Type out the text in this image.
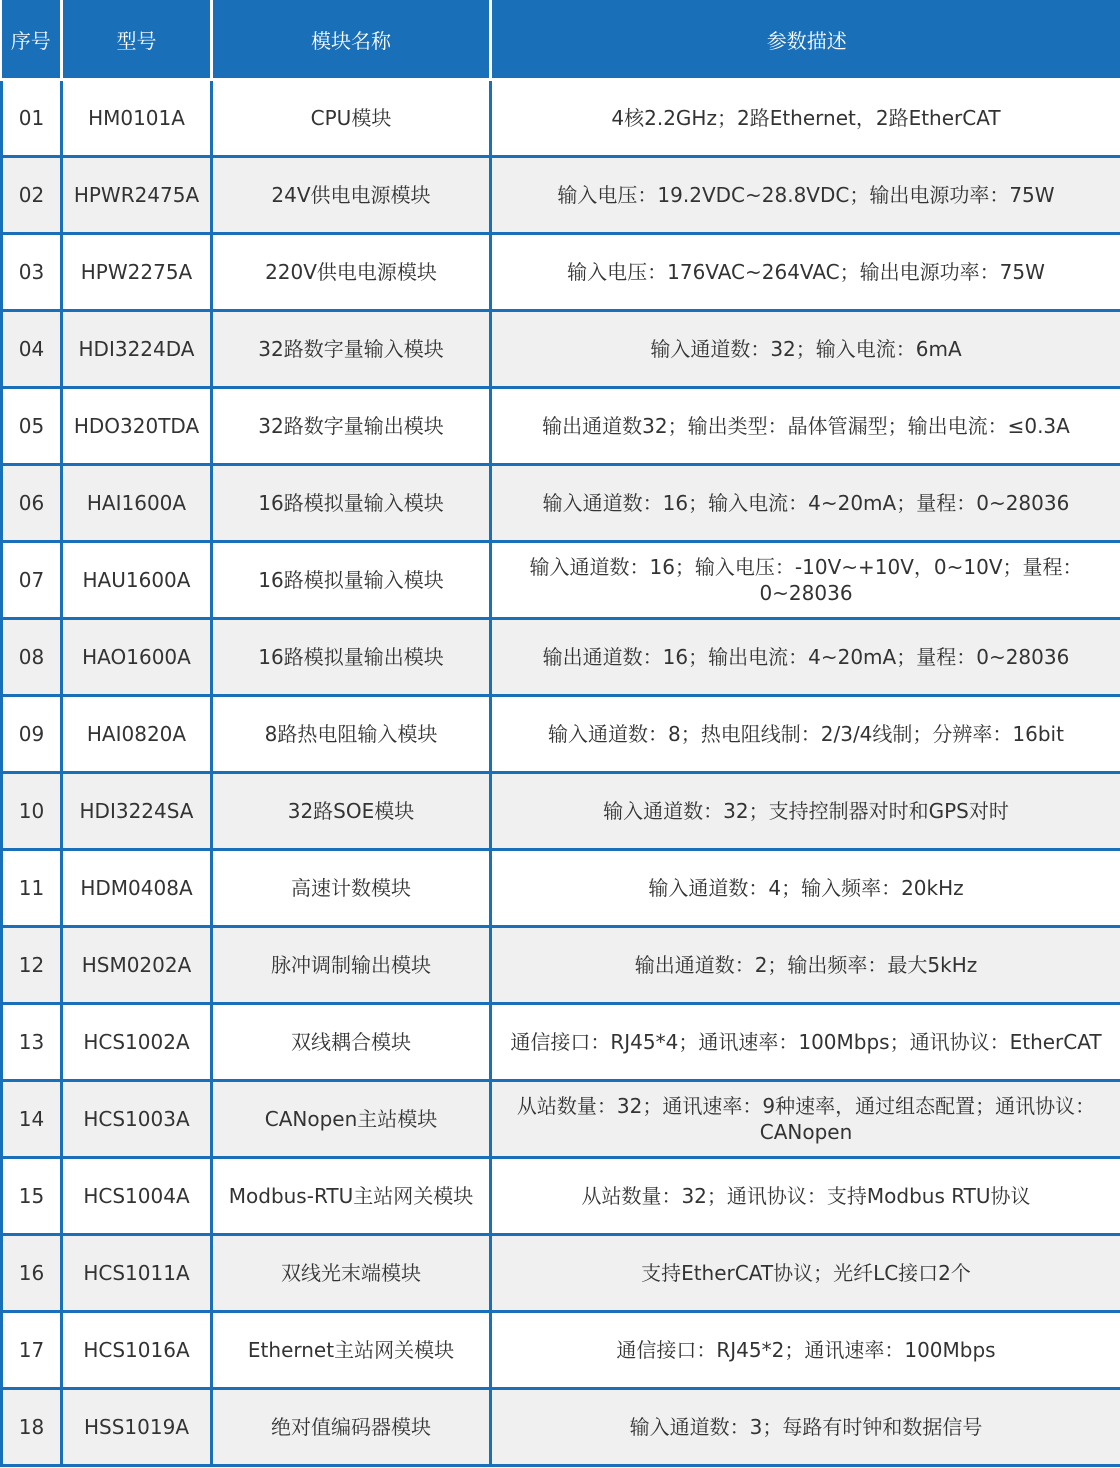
序号	型号	模块名称	参数描述
01	HM0101A	CPU模块	4核2.2GHz；2路Ethernet，2路EtherCAT
02	HPWR2475A	24V供电电源模块	输入电压：19.2VDC~28.8VDC；输出电源功率：75W
03	HPW2275A	220V供电电源模块	输入电压：176VAC~264VAC；输出电源功率：75W
04	HDI3224DA	32路数字量输入模块	输入通道数：32；输入电流：6mA
05	HDO320TDA	32路数字量输出模块	输出通道数32；输出类型：晶体管漏型；输出电流：≤0.3A
06	HAI1600A	16路模拟量输入模块	输入通道数：16；输入电流：4~20mA；量程：0~28036
07	HAU1600A	16路模拟量输入模块	输入通道数：16；输入电压：-10V~+10V，0~10V；量程：0~28036
08	HAO1600A	16路模拟量输出模块	输出通道数：16；输出电流：4~20mA；量程：0~28036
09	HAI0820A	8路热电阻输入模块	输入通道数：8；热电阻线制：2/3/4线制；分辨率：16bit
10	HDI3224SA	32路SOE模块	输入通道数：32；支持控制器对时和GPS对时
11	HDM0408A	高速计数模块	输入通道数：4；输入频率：20kHz
12	HSM0202A	脉冲调制输出模块	输出通道数：2；输出频率：最大5kHz
13	HCS1002A	双线耦合模块	通信接口：RJ45*4；通讯速率：100Mbps；通讯协议：EtherCAT
14	HCS1003A	CANopen主站模块	从站数量：32；通讯速率：9种速率，通过组态配置；通讯协议：CANopen
15	HCS1004A	Modbus-RTU主站网关模块	从站数量：32；通讯协议：支持Modbus RTU协议
16	HCS1011A	双线光末端模块	支持EtherCAT协议；光纤LC接口2个
17	HCS1016A	Ethernet主站网关模块	通信接口：RJ45*2；通讯速率：100Mbps
18	HSS1019A	绝对值编码器模块	输入通道数：3；每路有时钟和数据信号
